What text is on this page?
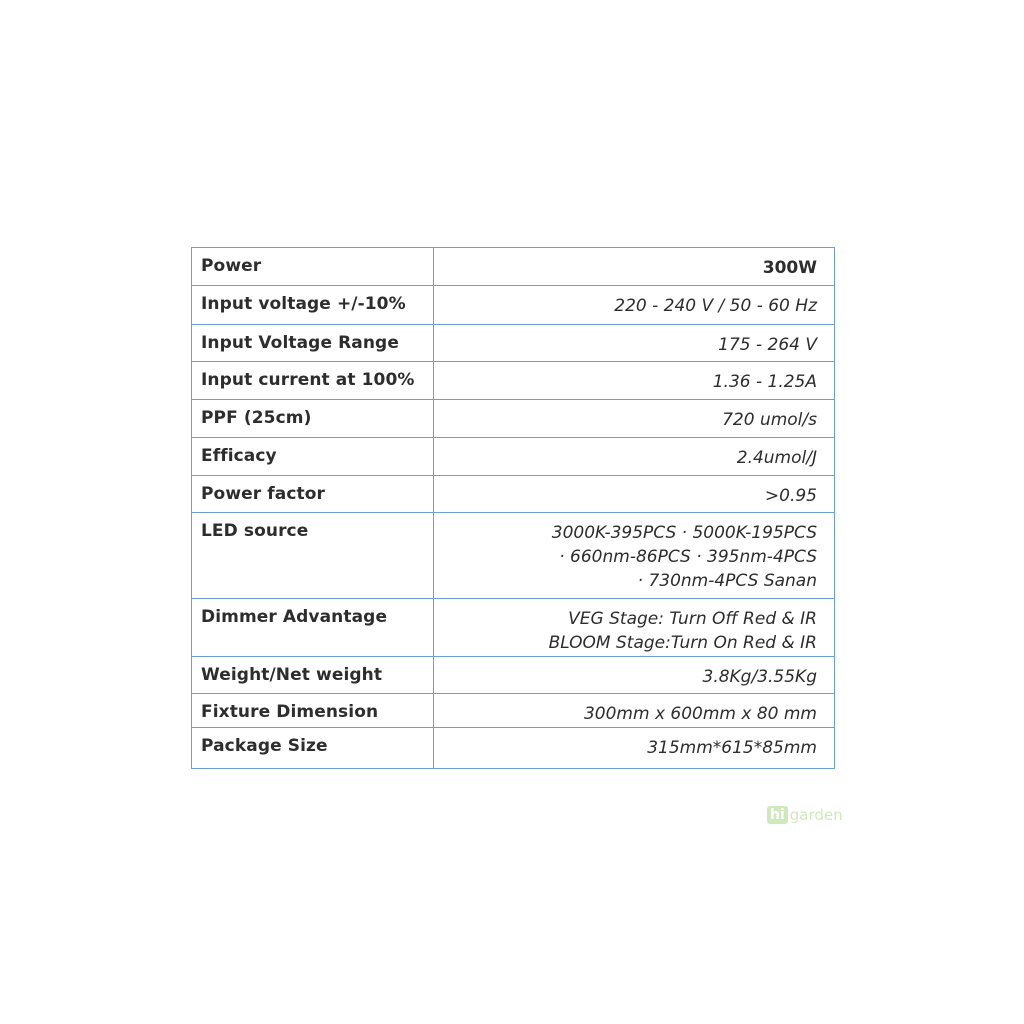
Power	300W

Input voltage +/-10%	220 - 240 V / 50 - 60 Hz

Input Voltage Range	175 - 264 V

Input current at 100%	1.36 - 1.25A

PPF (25cm)	720 umol/s

Efficacy	2.4umol/J

Power factor	>0.95

LED source	3000K-395PCS · 5000K-195PCS
· 660nm-86PCS · 395nm-4PCS
· 730nm-4PCS Sanan

Dimmer Advantage	VEG Stage: Turn Off Red & IR
BLOOM Stage:Turn On Red & IR

Weight/Net weight	3.8Kg/3.55Kg

Fixture Dimension	300mm x 600mm x 80 mm

Package Size	315mm*615*85mm
hi garden
